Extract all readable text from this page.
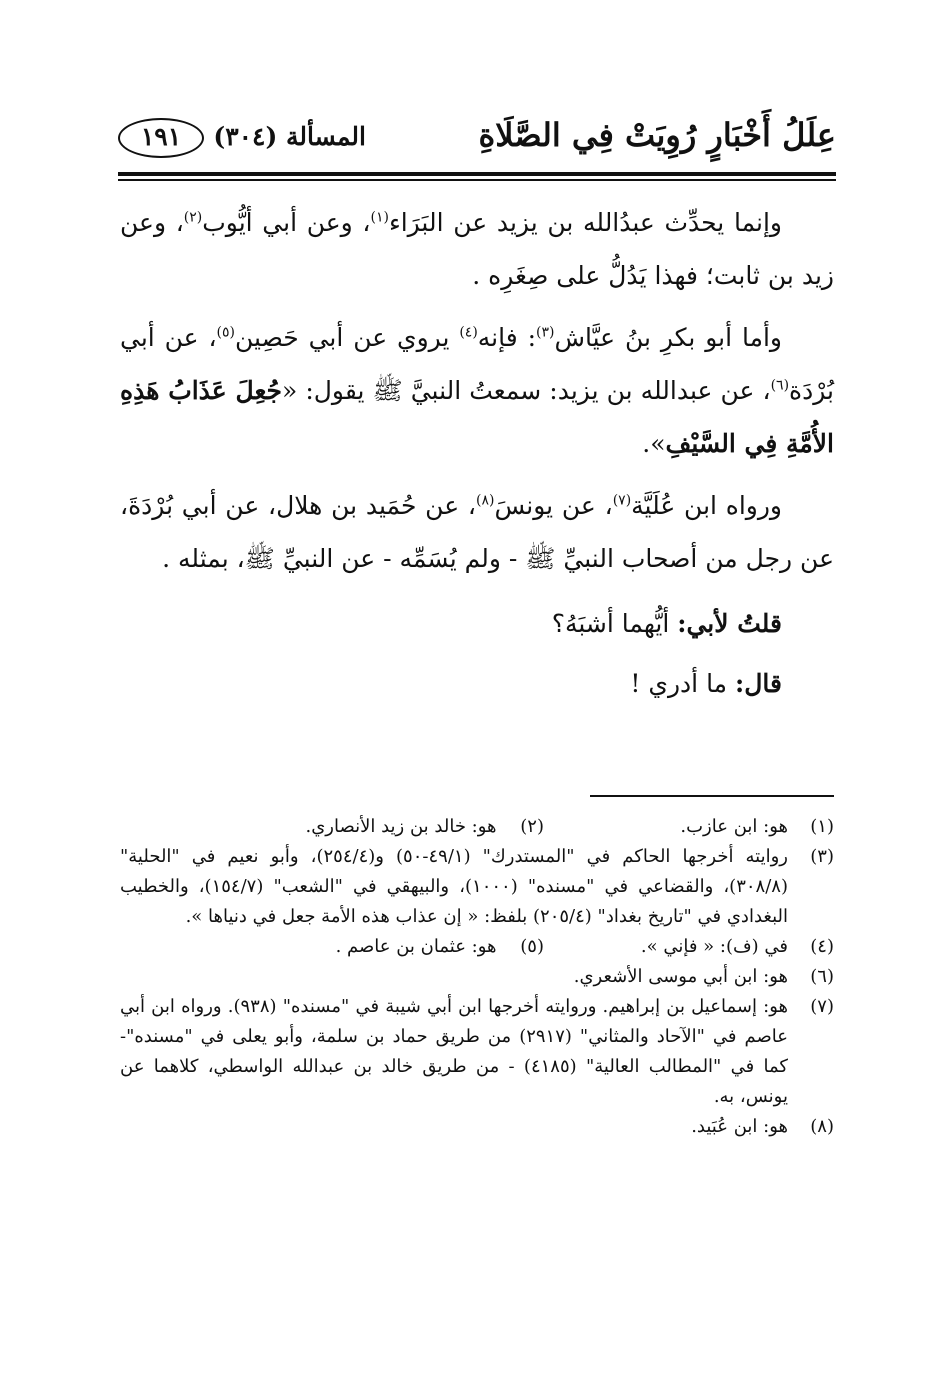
عِلَلُ أَخْبَارٍ رُوِيَتْ فِي الصَّلَاةِ
المسألة (٣٠٤)
١٩١

وإنما يحدِّث عبدُالله بن يزيد عن البَرَاء$^{(١)}$، وعن أبي أيُّوب$^{(٢)}$، وعن زيد بن ثابت؛ فهذا يَدُلُّ على صِغَرِه .

وأما أبو بكرِ بنُ عيَّاش$^{(٣)}$: فإنه$^{(٤)}$ يروي عن أبي حَصِين$^{(٥)}$، عن أبي بُرْدَة$^{(٦)}$، عن عبدالله بن يزيد: سمعتُ النبيَّ ﷺ يقول: «جُعِلَ عَذَابُ هَذِهِ الأُمَّةِ فِي السَّيْفِ».

ورواه ابن عُلَيَّة$^{(٧)}$، عن يونسَ$^{(٨)}$، عن حُمَيد بن هلال، عن أبي بُرْدَةَ، عن رجل من أصحاب النبيِّ ﷺ - ولم يُسَمِّه - عن النبيِّ ﷺ، بمثله .

قلتُ لأبي: أيُّهما أشبَهُ؟

قال: ما أدري !

(١)
هو: ابن عازب.
(٢) هو: خالد بن زيد الأنصاري.
(٣)
روايته أخرجها الحاكم في "المستدرك" (٤٩/١-٥٠) و(٢٥٤/٤)، وأبو نعيم في "الحلية" (٣٠٨/٨)، والقضاعي في "مسنده" (١٠٠٠)، والبيهقي في "الشعب" (١٥٤/٧)، والخطيب البغدادي في "تاريخ بغداد" (٢٠٥/٤) بلفظ: « إن عذاب هذه الأمة جعل في دنياها ».
(٤)
في (ف): « فإني ».
(٥) هو: عثمان بن عاصم .
(٦)
هو: ابن أبي موسى الأشعري.
(٧)
هو: إسماعيل بن إبراهيم. وروايته أخرجها ابن أبي شيبة في "مسنده" (٩٣٨). ورواه ابن أبي عاصم في "الآحاد والمثاني" (٢٩١٧) من طريق حماد بن سلمة، وأبو يعلى في "مسنده"- كما في "المطالب العالية" (٤١٨٥) - من طريق خالد بن عبدالله الواسطي، كلاهما عن يونس، به.
(٨)
هو: ابن عُبَيد.
